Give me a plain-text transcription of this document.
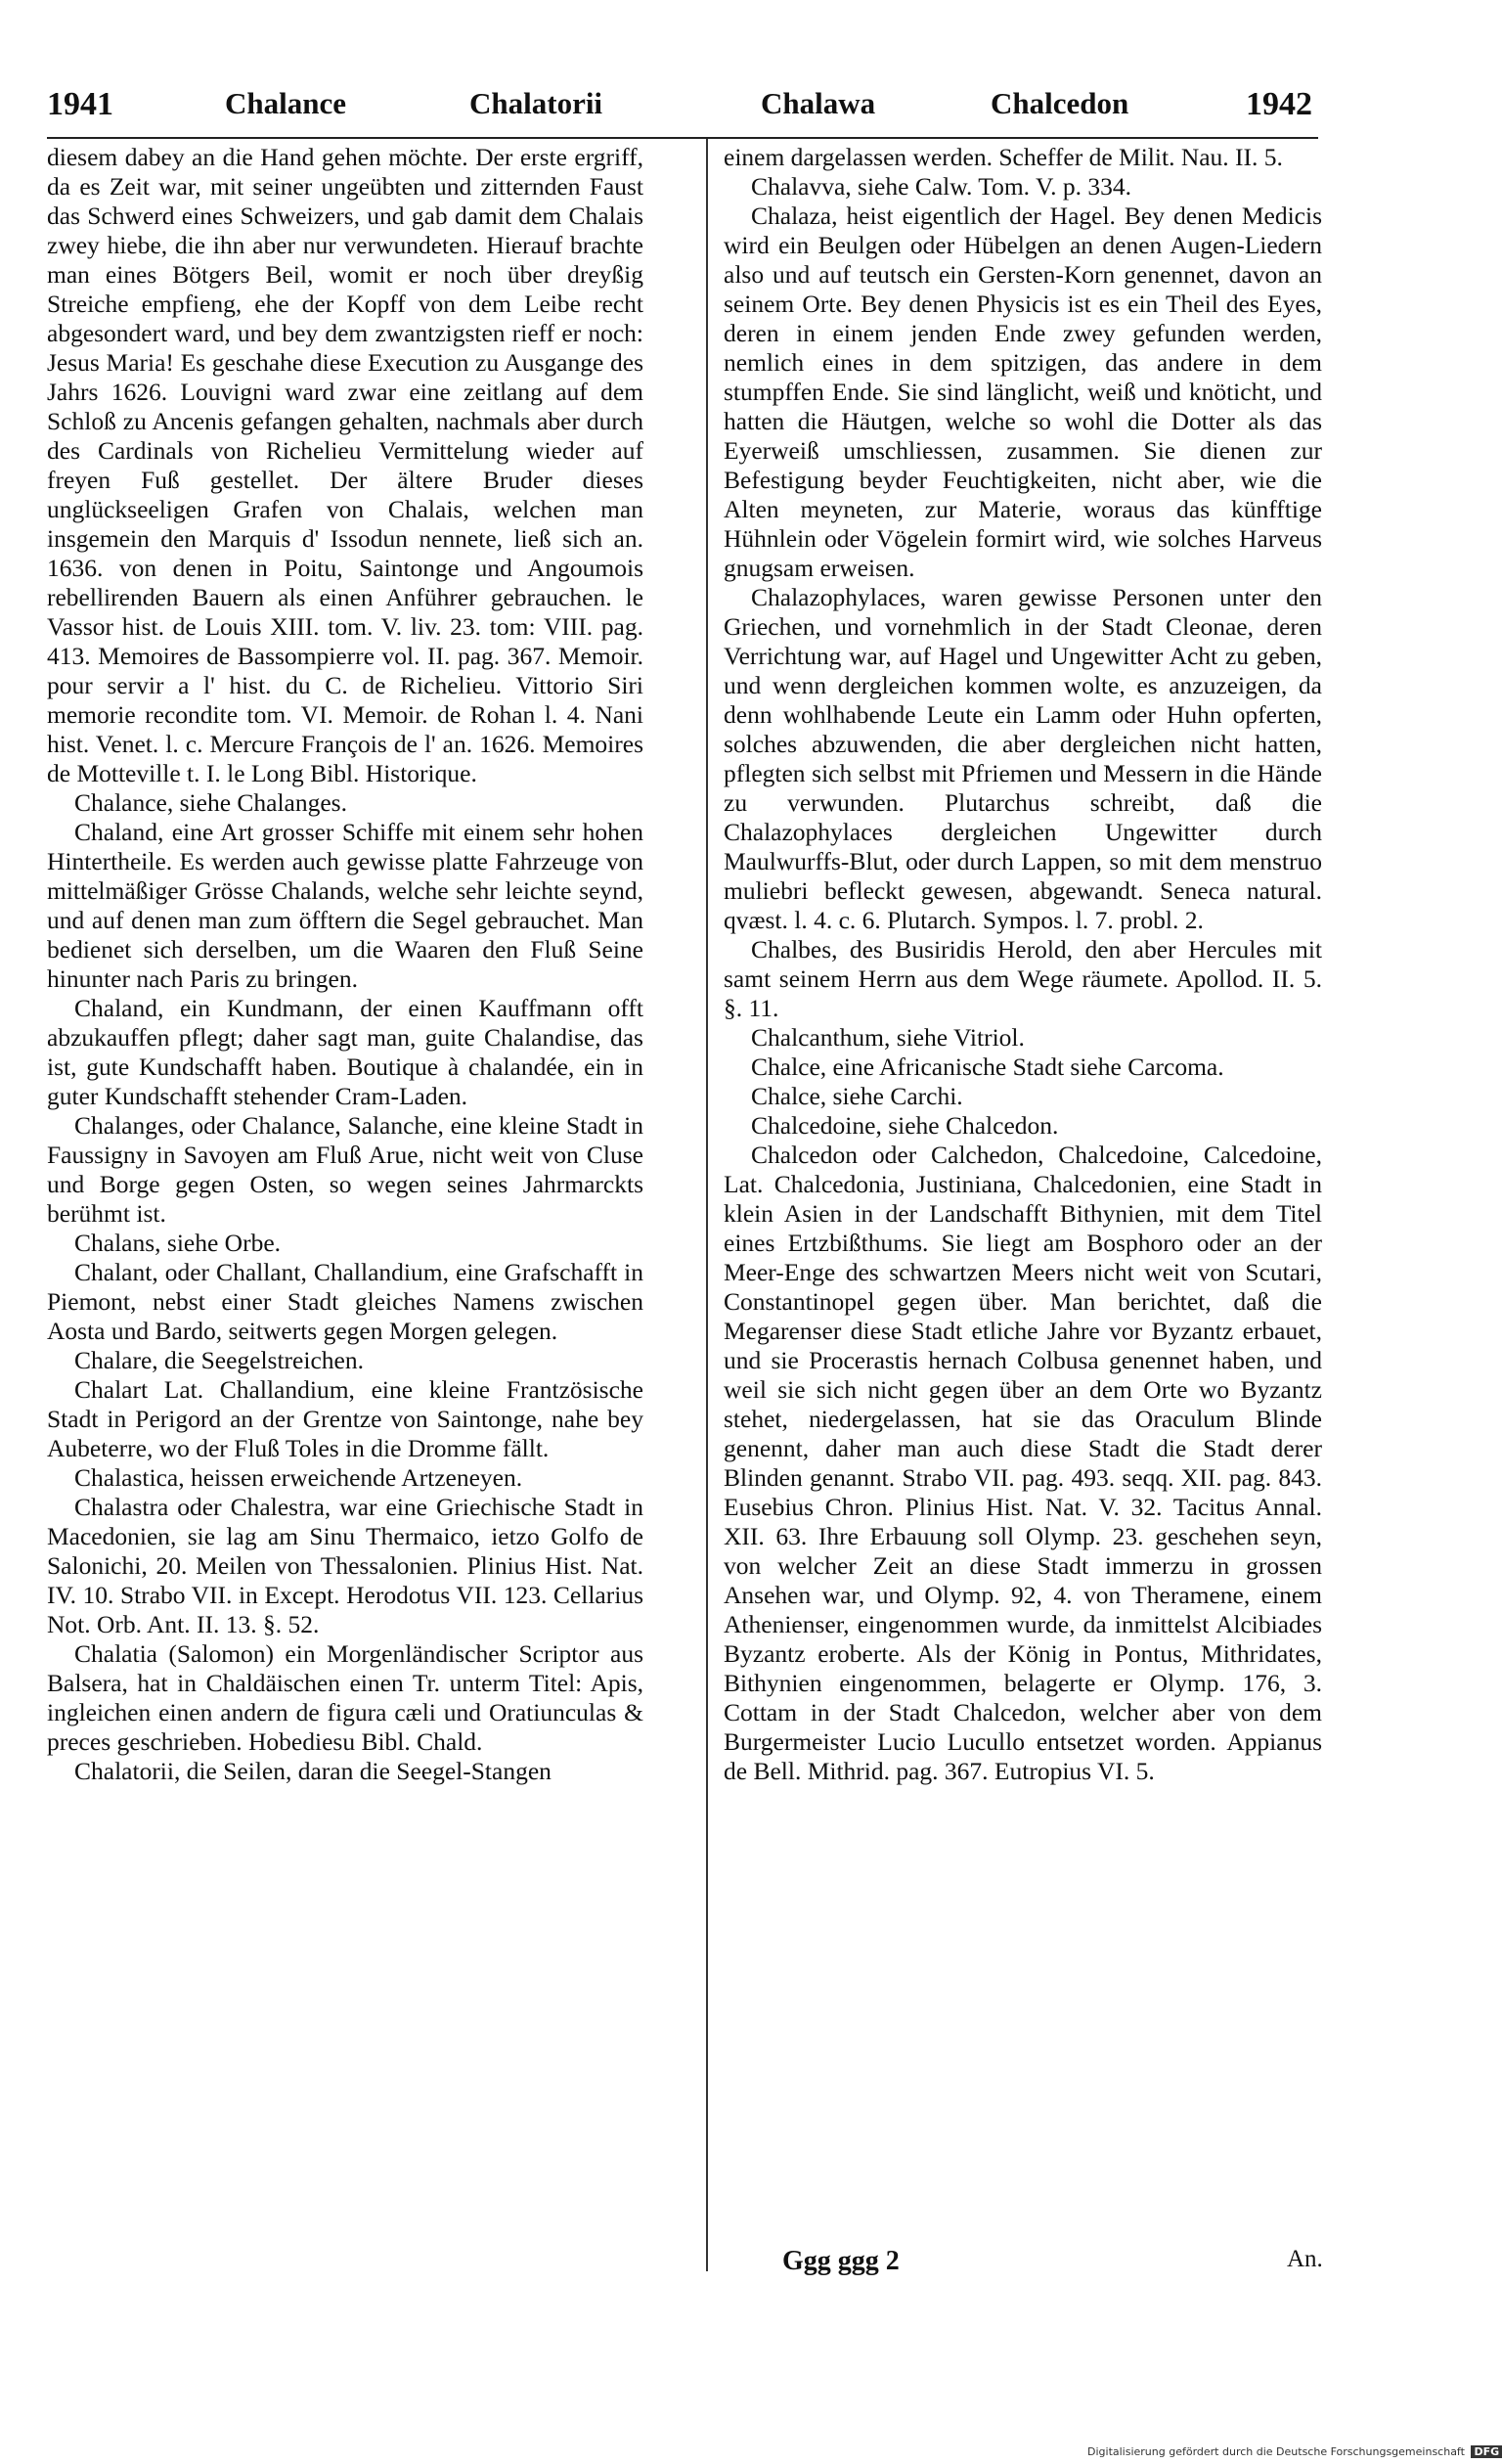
1941	Chalance	Chalatorii	Chalawa	Chalcedon	1942

diesem dabey an die Hand gehen möchte. Der erste ergriff, da es Zeit war, mit seiner ungeübten und zitternden Faust das Schwerd eines Schweizers, und gab damit dem Chalais zwey hiebe, die ihn aber nur verwundeten. Hierauf brachte man eines Bötgers Beil, womit er noch über dreyßig Streiche empfieng, ehe der Kopff von dem Leibe recht abgesondert ward, und bey dem zwantzigsten rieff er noch: Jesus Maria! Es geschahe diese Execution zu Ausgange des Jahrs 1626. Louvigni ward zwar eine zeitlang auf dem Schloß zu Ancenis gefangen gehalten, nachmals aber durch des Cardinals von Richelieu Vermittelung wieder auf freyen Fuß gestellet. Der ältere Bruder dieses unglückseeligen Grafen von Chalais, welchen man insgemein den Marquis d' Issodun nennete, ließ sich an. 1636. von denen in Poitu, Saintonge und Angoumois rebellirenden Bauern als einen Anführer gebrauchen. le Vassor hist. de Louis XIII. tom. V. liv. 23. tom: VIII. pag. 413. Memoires de Bassompierre vol. II. pag. 367. Memoir. pour servir a l' hist. du C. de Richelieu. Vittorio Siri memorie recondite tom. VI. Memoir. de Rohan l. 4. Nani hist. Venet. l. c. Mercure François de l' an. 1626. Memoires de Motteville t. I. le Long Bibl. Historique.

Chalance, siehe Chalanges.

Chaland, eine Art grosser Schiffe mit einem sehr hohen Hintertheile. Es werden auch gewisse platte Fahrzeuge von mittelmäßiger Grösse Chalands, welche sehr leichte seynd, und auf denen man zum öfftern die Segel gebrauchet. Man bedienet sich derselben, um die Waaren den Fluß Seine hinunter nach Paris zu bringen.

Chaland, ein Kundmann, der einen Kauffmann offt abzukauffen pflegt; daher sagt man, guite Chalandise, das ist, gute Kundschafft haben. Boutique à chalandée, ein in guter Kundschafft stehender Cram-Laden.

Chalanges, oder Chalance, Salanche, eine kleine Stadt in Faussigny in Savoyen am Fluß Arue, nicht weit von Cluse und Borge gegen Osten, so wegen seines Jahrmarckts berühmt ist.

Chalans, siehe Orbe.

Chalant, oder Challant, Challandium, eine Grafschafft in Piemont, nebst einer Stadt gleiches Namens zwischen Aosta und Bardo, seitwerts gegen Morgen gelegen.

Chalare, die Seegelstreichen.

Chalart Lat. Challandium, eine kleine Frantzösische Stadt in Perigord an der Grentze von Saintonge, nahe bey Aubeterre, wo der Fluß Toles in die Dromme fällt.

Chalastica, heissen erweichende Artzeneyen.

Chalastra oder Chalestra, war eine Griechische Stadt in Macedonien, sie lag am Sinu Thermaico, ietzo Golfo de Salonichi, 20. Meilen von Thessalonien. Plinius Hist. Nat. IV. 10. Strabo VII. in Except. Herodotus VII. 123. Cellarius Not. Orb. Ant. II. 13. §. 52.

Chalatia (Salomon) ein Morgenländischer Scriptor aus Balsera, hat in Chaldäischen einen Tr. unterm Titel: Apis, ingleichen einen andern de figura cæli und Oratiunculas & preces geschrieben. Hobediesu Bibl. Chald.

Chalatorii, die Seilen, daran die Seegel-Stangen

einem dargelassen werden. Scheffer de Milit. Nau. II. 5.

Chalavva, siehe Calw. Tom. V. p. 334.

Chalaza, heist eigentlich der Hagel. Bey denen Medicis wird ein Beulgen oder Hübelgen an denen Augen-Liedern also und auf teutsch ein Gersten-Korn genennet, davon an seinem Orte. Bey denen Physicis ist es ein Theil des Eyes, deren in einem jenden Ende zwey gefunden werden, nemlich eines in dem spitzigen, das andere in dem stumpffen Ende. Sie sind länglicht, weiß und knöticht, und hatten die Häutgen, welche so wohl die Dotter als das Eyerweiß umschliessen, zusammen. Sie dienen zur Befestigung beyder Feuchtigkeiten, nicht aber, wie die Alten meyneten, zur Materie, woraus das künfftige Hühnlein oder Vögelein formirt wird, wie solches Harveus gnugsam erweisen.

Chalazophylaces, waren gewisse Personen unter den Griechen, und vornehmlich in der Stadt Cleonae, deren Verrichtung war, auf Hagel und Ungewitter Acht zu geben, und wenn dergleichen kommen wolte, es anzuzeigen, da denn wohlhabende Leute ein Lamm oder Huhn opferten, solches abzuwenden, die aber dergleichen nicht hatten, pflegten sich selbst mit Pfriemen und Messern in die Hände zu verwunden. Plutarchus schreibt, daß die Chalazophylaces dergleichen Ungewitter durch Maulwurffs-Blut, oder durch Lappen, so mit dem menstruo muliebri befleckt gewesen, abgewandt. Seneca natural. qvæst. l. 4. c. 6. Plutarch. Sympos. l. 7. probl. 2.

Chalbes, des Busiridis Herold, den aber Hercules mit samt seinem Herrn aus dem Wege räumete. Apollod. II. 5. §. 11.

Chalcanthum, siehe Vitriol.

Chalce, eine Africanische Stadt siehe Carcoma.

Chalce, siehe Carchi.

Chalcedoine, siehe Chalcedon.

Chalcedon oder Calchedon, Chalcedoine, Calcedoine, Lat. Chalcedonia, Justiniana, Chalcedonien, eine Stadt in klein Asien in der Landschafft Bithynien, mit dem Titel eines Ertzbißthums. Sie liegt am Bosphoro oder an der Meer-Enge des schwartzen Meers nicht weit von Scutari, Constantinopel gegen über. Man berichtet, daß die Megarenser diese Stadt etliche Jahre vor Byzantz erbauet, und sie Procerastis hernach Colbusa genennet haben, und weil sie sich nicht gegen über an dem Orte wo Byzantz stehet, niedergelassen, hat sie das Oraculum Blinde genennt, daher man auch diese Stadt die Stadt derer Blinden genannt. Strabo VII. pag. 493. seqq. XII. pag. 843. Eusebius Chron. Plinius Hist. Nat. V. 32. Tacitus Annal. XII. 63. Ihre Erbauung soll Olymp. 23. geschehen seyn, von welcher Zeit an diese Stadt immerzu in grossen Ansehen war, und Olymp. 92, 4. von Theramene, einem Athenienser, eingenommen wurde, da inmittelst Alcibiades Byzantz eroberte. Als der König in Pontus, Mithridates, Bithynien eingenommen, belagerte er Olymp. 176, 3. Cottam in der Stadt Chalcedon, welcher aber von dem Burgermeister Lucio Lucullo entsetzet worden. Appianus de Bell. Mithrid. pag. 367. Eutropius VI. 5.

Ggg ggg 2	An.
Digitalisierung gefördert durch die Deutsche Forschungsgemeinschaft DFG
